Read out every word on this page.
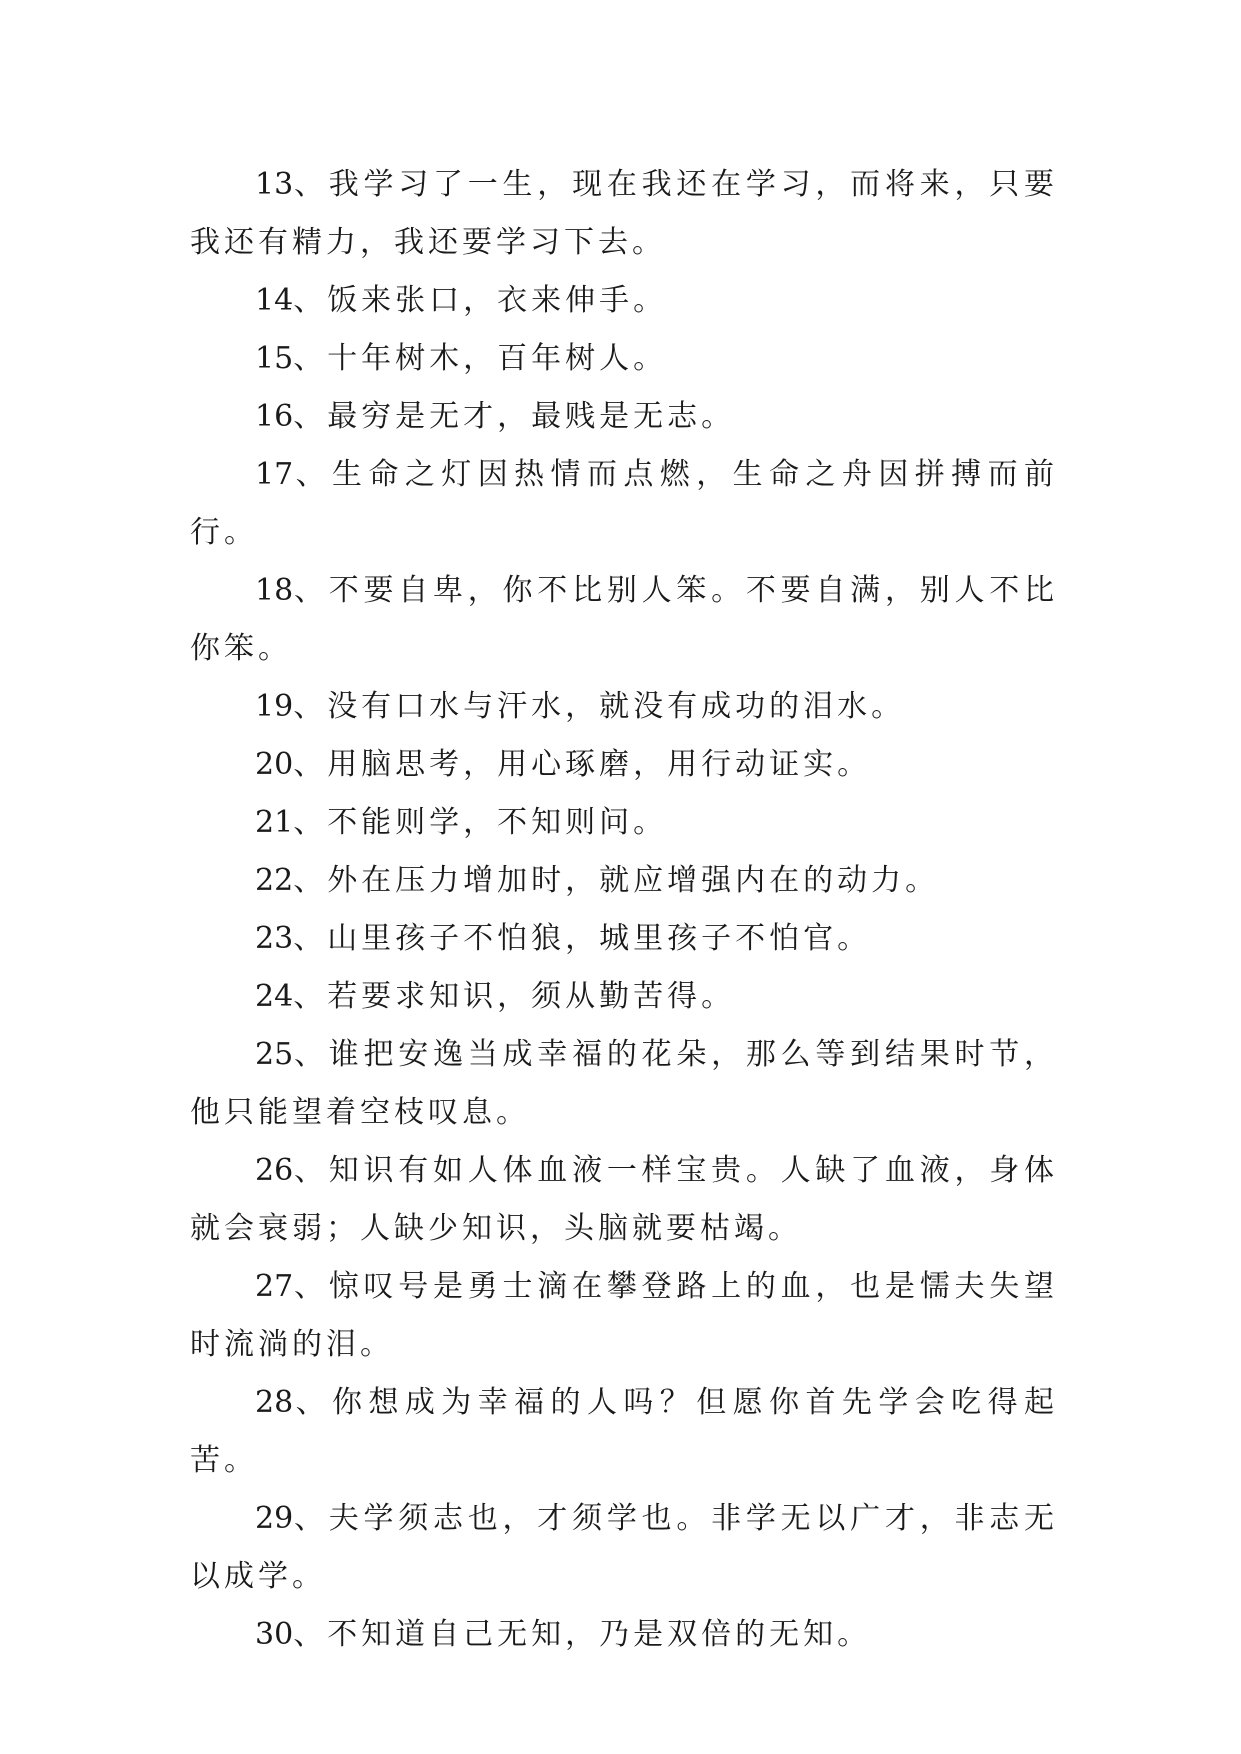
13、我学习了一生，现在我还在学习，而将来，只要我还有精力，我还要学习下去。

14、饭来张口，衣来伸手。

15、十年树木，百年树人。

16、最穷是无才，最贱是无志。

17、生命之灯因热情而点燃，生命之舟因拼搏而前行。

18、不要自卑，你不比别人笨。不要自满，别人不比你笨。

19、没有口水与汗水，就没有成功的泪水。

20、用脑思考，用心琢磨，用行动证实。

21、不能则学，不知则问。

22、外在压力增加时，就应增强内在的动力。

23、山里孩子不怕狼，城里孩子不怕官。

24、若要求知识，须从勤苦得。

25、谁把安逸当成幸福的花朵，那么等到结果时节，他只能望着空枝叹息。

26、知识有如人体血液一样宝贵。人缺了血液，身体就会衰弱；人缺少知识，头脑就要枯竭。

27、惊叹号是勇士滴在攀登路上的血，也是懦夫失望时流淌的泪。

28、你想成为幸福的人吗？但愿你首先学会吃得起苦。

29、夫学须志也，才须学也。非学无以广才，非志无以成学。

30、不知道自己无知，乃是双倍的无知。
